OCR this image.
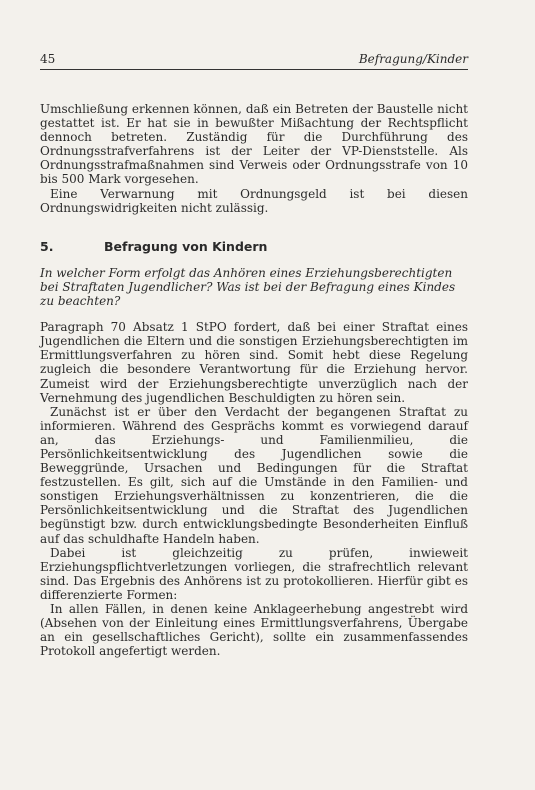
45	Befragung/Kinder

Umschließung erkennen können, daß ein Betreten der Baustelle nicht gestattet ist. Er hat sie in bewußter Mißachtung der Rechtspflicht dennoch betreten. Zuständig für die Durchführung des Ordnungsstrafverfahrens ist der Leiter der VP-Dienststelle. Als Ordnungsstrafmaßnahmen sind Verweis oder Ordnungsstrafe von 10 bis 500 Mark vorgesehen.

Eine Verwarnung mit Ordnungsgeld ist bei diesen Ordnungswidrigkeiten nicht zulässig.

5.	Befragung von Kindern

In welcher Form erfolgt das Anhören eines Erziehungsberechtigten bei Straftaten Jugendlicher? Was ist bei der Befragung eines Kindes zu beachten?

Paragraph 70 Absatz 1 StPO fordert, daß bei einer Straftat eines Jugendlichen die Eltern und die sonstigen Erziehungsberechtigten im Ermittlungsverfahren zu hören sind. Somit hebt diese Regelung zugleich die besondere Verantwortung für die Erziehung hervor. Zumeist wird der Erziehungsberechtigte unverzüglich nach der Vernehmung des jugendlichen Beschuldigten zu hören sein.

Zunächst ist er über den Verdacht der begangenen Straftat zu informieren. Während des Gesprächs kommt es vorwiegend darauf an, das Erziehungs- und Familienmilieu, die Persönlichkeitsentwicklung des Jugendlichen sowie die Beweggründe, Ursachen und Bedingungen für die Straftat festzustellen. Es gilt, sich auf die Umstände in den Familien- und sonstigen Erziehungsverhältnissen zu konzentrieren, die die Persönlichkeitsentwicklung und die Straftat des Jugendlichen begünstigt bzw. durch entwicklungsbedingte Besonderheiten Einfluß auf das schuldhafte Handeln haben.

Dabei ist gleichzeitig zu prüfen, inwieweit Erziehungspflichtverletzungen vorliegen, die strafrechtlich relevant sind. Das Ergebnis des Anhörens ist zu protokollieren. Hierfür gibt es differenzierte Formen:

In allen Fällen, in denen keine Anklageerhebung angestrebt wird (Absehen von der Einleitung eines Ermittlungsverfahrens, Übergabe an ein gesellschaftliches Gericht), sollte ein zusammenfassendes Protokoll angefertigt werden.
